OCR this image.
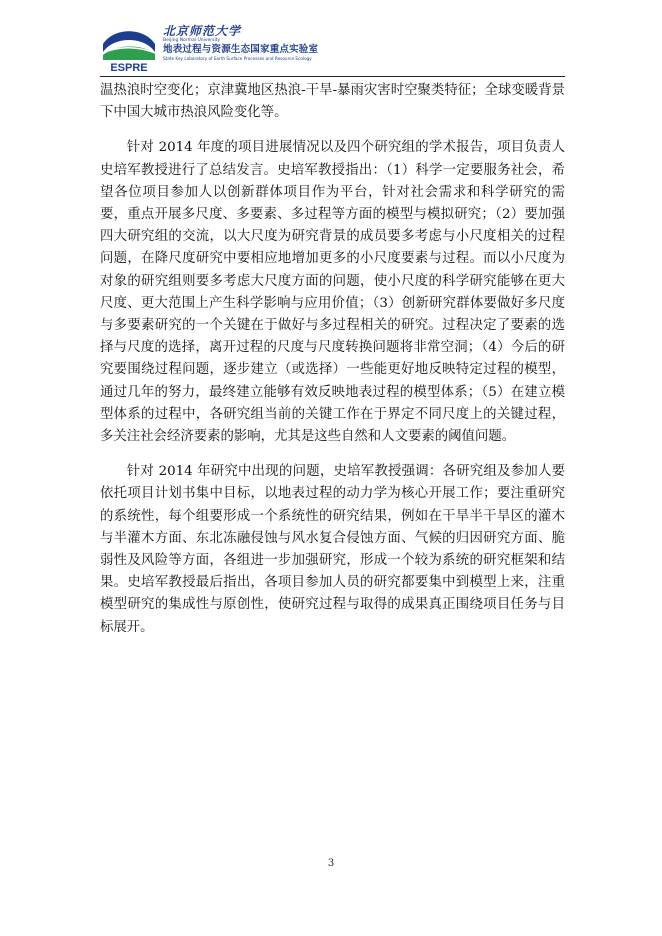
ESPRE
北京师范大学
Beijing Normal University
地表过程与资源生态国家重点实验室
State Key Laboratory of Earth Surface Processes and Resource Ecology

温热浪时空变化；京津冀地区热浪-干旱-暴雨灾害时空聚类特征；全球变暖背景下中国大城市热浪风险变化等。

针对 2014 年度的项目进展情况以及四个研究组的学术报告，项目负责人史培军教授进行了总结发言。史培军教授指出：（1）科学一定要服务社会，希望各位项目参加人以创新群体项目作为平台，针对社会需求和科学研究的需要，重点开展多尺度、多要素、多过程等方面的模型与模拟研究；（2）要加强四大研究组的交流，以大尺度为研究背景的成员要多考虑与小尺度相关的过程问题，在降尺度研究中要相应地增加更多的小尺度要素与过程。而以小尺度为对象的研究组则要多考虑大尺度方面的问题，使小尺度的科学研究能够在更大尺度、更大范围上产生科学影响与应用价值；（3）创新研究群体要做好多尺度与多要素研究的一个关键在于做好与多过程相关的研究。过程决定了要素的选择与尺度的选择，离开过程的尺度与尺度转换问题将非常空洞；（4）今后的研究要围绕过程问题，逐步建立（或选择）一些能更好地反映特定过程的模型，通过几年的努力，最终建立能够有效反映地表过程的模型体系；（5）在建立模型体系的过程中，各研究组当前的关键工作在于界定不同尺度上的关键过程，多关注社会经济要素的影响，尤其是这些自然和人文要素的阈值问题。

针对 2014 年研究中出现的问题，史培军教授强调：各研究组及参加人要依托项目计划书集中目标，以地表过程的动力学为核心开展工作；要注重研究的系统性，每个组要形成一个系统性的研究结果，例如在干旱半干旱区的灌木与半灌木方面、东北冻融侵蚀与风水复合侵蚀方面、气候的归因研究方面、脆弱性及风险等方面，各组进一步加强研究，形成一个较为系统的研究框架和结果。史培军教授最后指出，各项目参加人员的研究都要集中到模型上来，注重模型研究的集成性与原创性，使研究过程与取得的成果真正围绕项目任务与目标展开。

3
